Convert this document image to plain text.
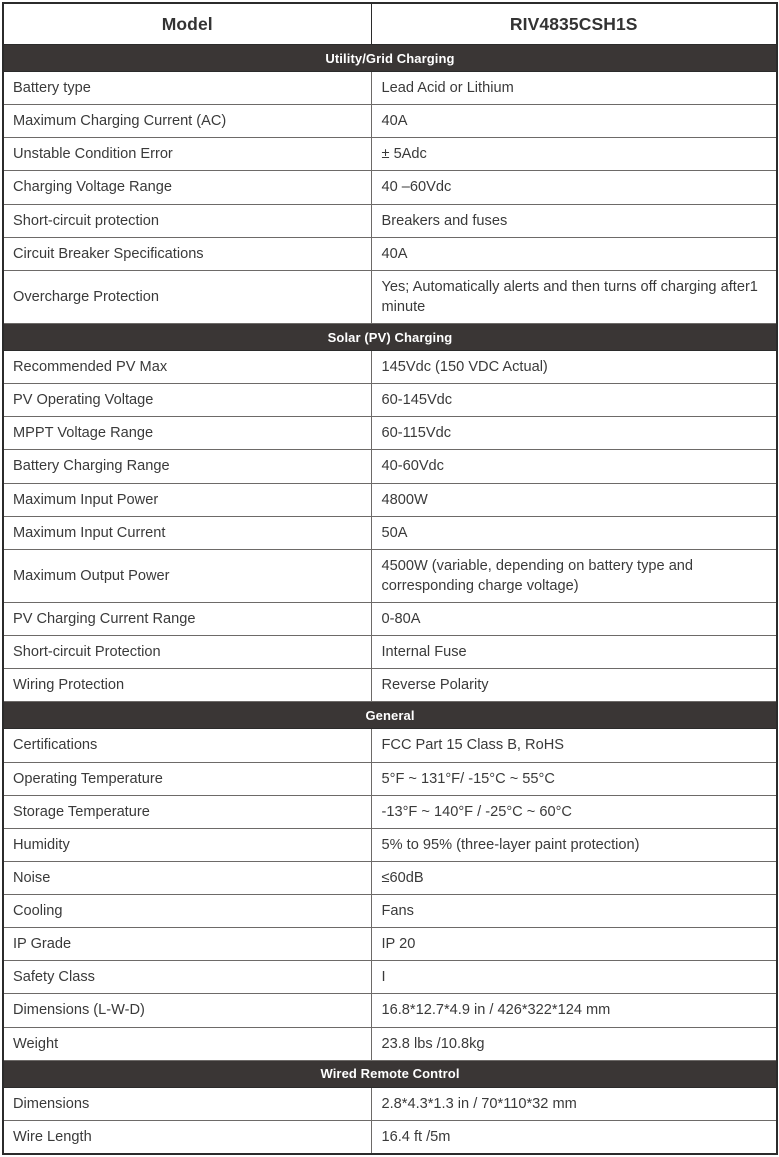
Model	RIV4835CSH1S
Utility/Grid Charging	
Battery type	Lead Acid or Lithium
Maximum Charging Current (AC)	40A
Unstable Condition Error	± 5Adc
Charging Voltage Range	40 –60Vdc
Short-circuit protection	Breakers and fuses
Circuit Breaker Specifications	40A
Overcharge Protection	Yes; Automatically alerts and then turns off charging after1 minute
Solar (PV) Charging	
Recommended PV Max	145Vdc (150 VDC Actual)
PV Operating Voltage	60-145Vdc
MPPT Voltage Range	60-115Vdc
Battery Charging Range	40-60Vdc
Maximum Input Power	4800W
Maximum Input Current	50A
Maximum Output Power	4500W (variable, depending on battery type and corresponding charge voltage)
PV Charging Current Range	0-80A
Short-circuit Protection	Internal Fuse
Wiring Protection	Reverse Polarity
General	
Certifications	FCC Part 15 Class B, RoHS
Operating Temperature	5°F ~ 131°F/ -15°C ~ 55°C
Storage Temperature	-13°F ~ 140°F / -25°C ~ 60°C
Humidity	5% to 95% (three-layer paint protection)
Noise	≤60dB
Cooling	Fans
IP Grade	IP 20
Safety Class	I
Dimensions (L-W-D)	16.8*12.7*4.9 in / 426*322*124 mm
Weight	23.8 lbs /10.8kg
Wired Remote Control	
Dimensions	2.8*4.3*1.3 in / 70*110*32 mm
Wire Length	16.4 ft /5m
